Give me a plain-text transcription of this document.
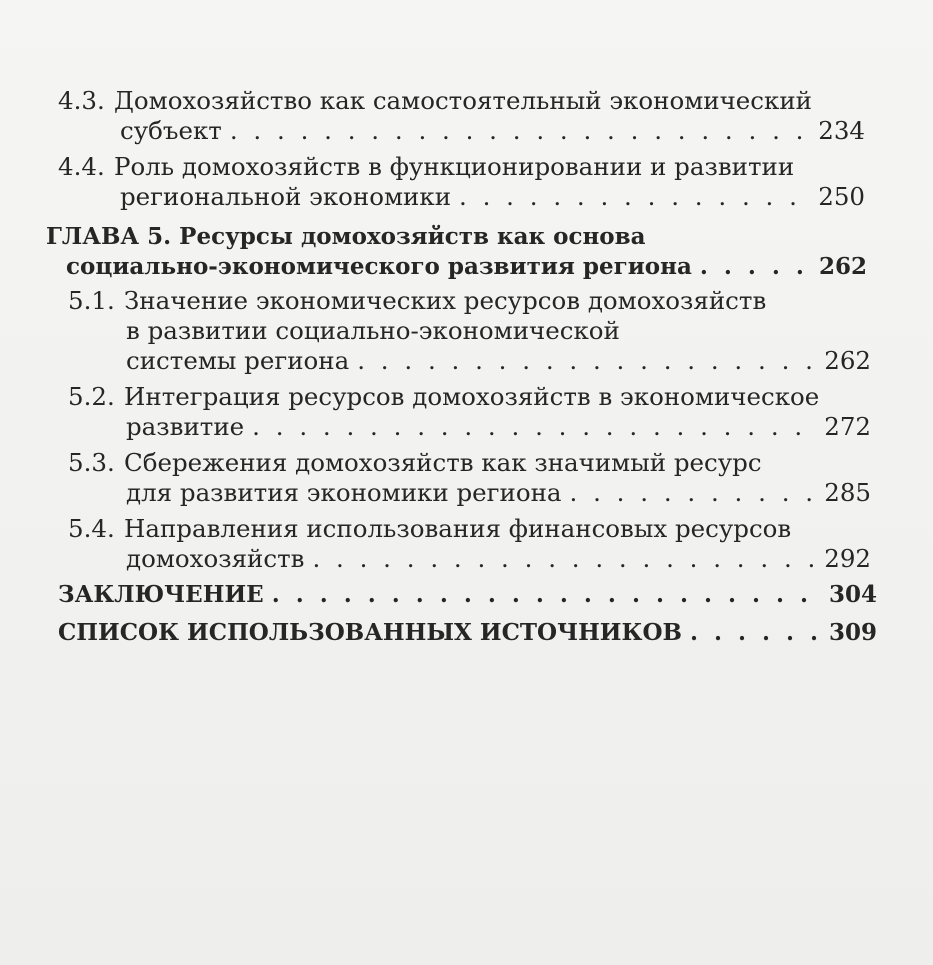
4.3. Домохозяйство как самостоятельный экономический
субъект . . .	234
4.4. Роль домохозяйств в функционировании и развитии
региональной экономики . . .	250
ГЛАВА 5. Ресурсы домохозяйств как основа
социально-экономического развития региона . . .	262
5.1. Значение экономических ресурсов домохозяйств
в развитии социально-экономической
системы региона . . .	262
5.2. Интеграция ресурсов домохозяйств в экономическое
развитие . . .	272
5.3. Сбережения домохозяйств как значимый ресурс
для развития экономики региона . . .	285
5.4. Направления использования финансовых ресурсов
домохозяйств . . .	292
ЗАКЛЮЧЕНИЕ . . .	304
СПИСОК ИСПОЛЬЗОВАННЫХ ИСТОЧНИКОВ . . .	309
